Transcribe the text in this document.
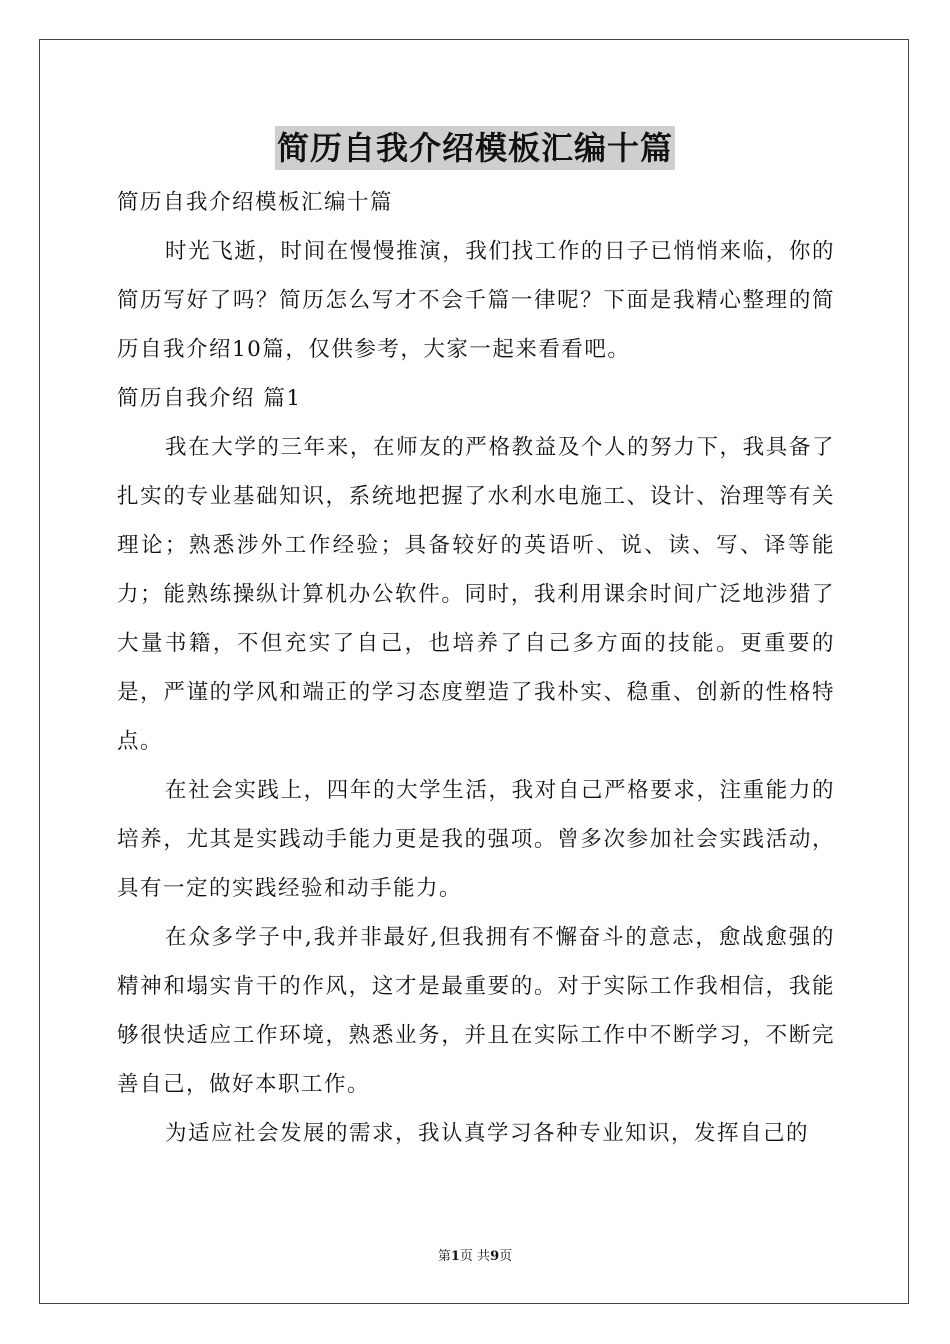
简历自我介绍模板汇编十篇

简历自我介绍模板汇编十篇

时光飞逝，时间在慢慢推演，我们找工作的日子已悄悄来临，你的简历写好了吗？简历怎么写才不会千篇一律呢？下面是我精心整理的简历自我介绍10篇，仅供参考，大家一起来看看吧。

简历自我介绍 篇1

我在大学的三年来，在师友的严格教益及个人的努力下，我具备了扎实的专业基础知识，系统地把握了水利水电施工、设计、治理等有关理论；熟悉涉外工作经验；具备较好的英语听、说、读、写、译等能力；能熟练操纵计算机办公软件。同时，我利用课余时间广泛地涉猎了大量书籍，不但充实了自己，也培养了自己多方面的技能。更重要的是，严谨的学风和端正的学习态度塑造了我朴实、稳重、创新的性格特点。

在社会实践上，四年的大学生活，我对自己严格要求，注重能力的培养，尤其是实践动手能力更是我的强项。曾多次参加社会实践活动，具有一定的实践经验和动手能力。

在众多学子中,我并非最好,但我拥有不懈奋斗的意志，愈战愈强的精神和塌实肯干的作风，这才是最重要的。对于实际工作我相信，我能够很快适应工作环境，熟悉业务，并且在实际工作中不断学习，不断完善自己，做好本职工作。

为适应社会发展的需求，我认真学习各种专业知识，发挥自己的

第1页 共9页
